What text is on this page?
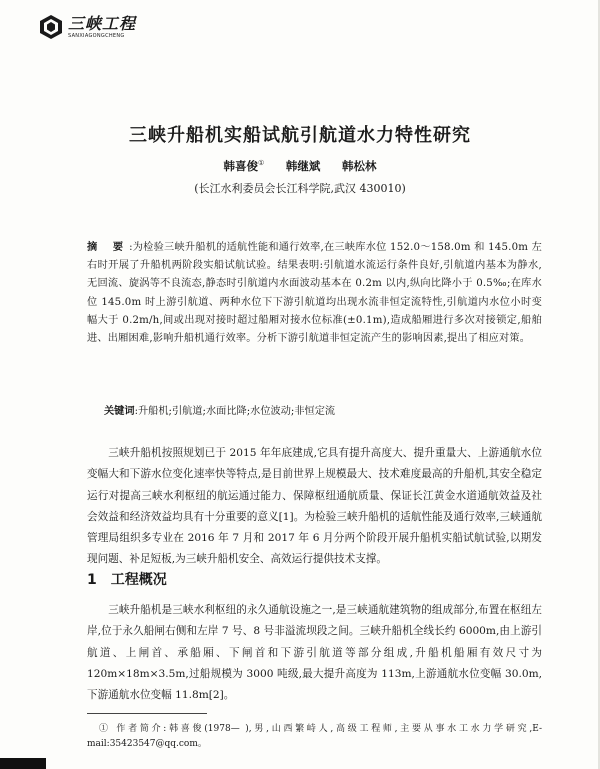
三峡工程
SANXIAGONGCHENG
三峡升船机实船试航引航道水力特性研究
韩喜俊① 韩继斌 韩松林
(长江水利委员会长江科学院,武汉 430010)
摘 要:为检验三峡升船机的适航性能和通行效率,在三峡库水位 152.0～158.0m 和 145.0m 左右时开展了升船机两阶段实船试航试验。结果表明:引航道水流运行条件良好,引航道内基本为静水,无回流、旋涡等不良流态,静态时引航道内水面波动基本在 0.2m 以内,纵向比降小于 0.5‰;在库水位 145.0m 时上游引航道、两种水位下下游引航道均出现水流非恒定流特性,引航道内水位小时变幅大于 0.2m/h,间或出现对接时超过船厢对接水位标准(±0.1m),造成船厢进行多次对接锁定,船舶进、出厢困难,影响升船机通行效率。分析下游引航道非恒定流产生的影响因素,提出了相应对策。
关键词:升船机;引航道;水面比降;水位波动;非恒定流
三峡升船机按照规划已于 2015 年年底建成,它具有提升高度大、提升重量大、上游通航水位变幅大和下游水位变化速率快等特点,是目前世界上规模最大、技术难度最高的升船机,其安全稳定运行对提高三峡水利枢纽的航运通过能力、保障枢纽通航质量、保证长江黄金水道通航效益及社会效益和经济效益均具有十分重要的意义[1]。为检验三峡升船机的适航性能及通行效率,三峡通航管理局组织多专业在 2016 年 7 月和 2017 年 6 月分两个阶段开展升船机实船试航试验,以期发现问题、补足短板,为三峡升船机安全、高效运行提供技术支撑。
1 工程概况
三峡升船机是三峡水利枢纽的永久通航设施之一,是三峡通航建筑物的组成部分,布置在枢纽左岸,位于永久船闸右侧和左岸 7 号、8 号非溢流坝段之间。三峡升船机全线长约 6000m,由上游引航道、上闸首、承船厢、下闸首和下游引航道等部分组成,升船机船厢有效尺寸为 120m×18m×3.5m,过船规模为 3000 吨级,最大提升高度为 113m,上游通航水位变幅 30.0m,下游通航水位变幅 11.8m[2]。
① 作者简介:韩喜俊(1978— ),男,山西繁峙人,高级工程师,主要从事水工水力学研究,E-mail:35423547@qq.com。
